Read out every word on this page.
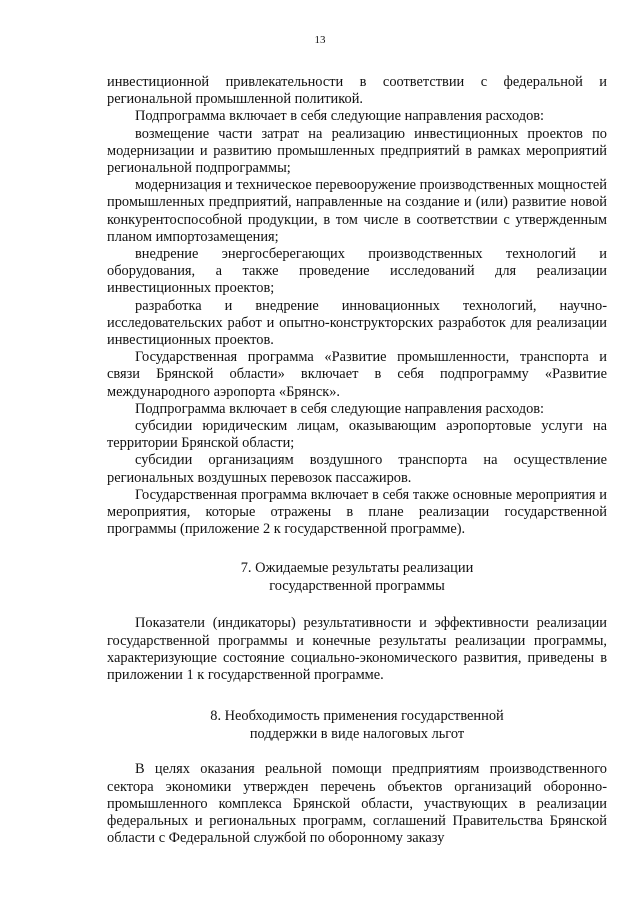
13

инвестиционной привлекательности в соответствии с федеральной и региональной промышленной политикой.

Подпрограмма включает в себя следующие направления расходов:

возмещение части затрат на реализацию инвестиционных проектов по модернизации и развитию промышленных предприятий в рамках мероприятий региональной подпрограммы;

модернизация и техническое перевооружение производственных мощностей промышленных предприятий, направленные на создание и (или) развитие новой конкурентоспособной продукции, в том числе в соответствии с утвержденным планом импортозамещения;

внедрение энергосберегающих производственных технологий и оборудования, а также проведение исследований для реализации инвестиционных проектов;

разработка и внедрение инновационных технологий, научно-исследовательских работ и опытно-конструкторских разработок для реализации инвестиционных проектов.

Государственная программа «Развитие промышленности, транспорта и связи Брянской области» включает в себя подпрограмму «Развитие международного аэропорта «Брянск».

Подпрограмма включает в себя следующие направления расходов:

субсидии юридическим лицам, оказывающим аэропортовые услуги на территории Брянской области;

субсидии организациям воздушного транспорта на осуществление региональных воздушных перевозок пассажиров.

Государственная программа включает в себя также основные мероприятия и мероприятия, которые отражены в плане реализации государственной программы (приложение 2 к государственной программе).

7. Ожидаемые результаты реализации
государственной программы

Показатели (индикаторы) результативности и эффективности реализации государственной программы и конечные результаты реализации программы, характеризующие состояние социально-экономического развития, приведены в приложении 1 к государственной программе.

8. Необходимость применения государственной
поддержки в виде налоговых льгот

В целях оказания реальной помощи предприятиям производственного сектора экономики утвержден перечень объектов организаций оборонно-промышленного комплекса Брянской области, участвующих в реализации федеральных и региональных программ, соглашений Правительства Брянской области с Федеральной службой по оборонному заказу
